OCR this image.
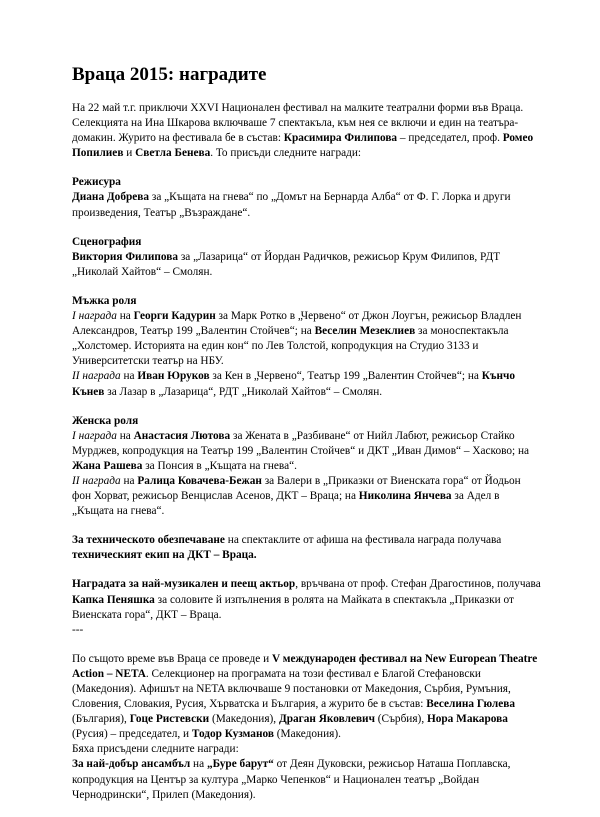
Враца 2015: наградите

На 22 май т.г. приключи XXVI Национален фестивал на малките театрални форми във Враца. Селекцията на Ина Шкарова включваше 7 спектакъла, към нея се включи и един на театъра-домакин. Журито на фестивала бе в състав: Красимира Филипова – председател, проф. Ромео Попилиев и Светла Бенева. То присъди следните награди:

Режисура
Диана Добрева за „Къщата на гнева“ по „Домът на Бернарда Алба“ от Ф. Г. Лорка и други произведения, Театър „Възраждане“.

Сценография
Виктория Филипова за „Лазарица“ от Йордан Радичков, режисьор Крум Филипов, РДТ „Николай Хайтов“ – Смолян.

Мъжка роля
I награда на Георги Кадурин за Марк Ротко в „Червено“ от Джон Лоугън, режисьор Владлен Александров, Театър 199 „Валентин Стойчев“; на Веселин Мезеклиев за моноспектакъла „Холстомер. Историята на един кон“ по Лев Толстой, копродукция на Студио 3133 и Университетски театър на НБУ.
II награда на Иван Юруков за Кен в „Червено“, Театър 199 „Валентин Стойчев“; на Кънчо Кънев за Лазар в „Лазарица“, РДТ „Николай Хайтов“ – Смолян.

Женска роля
I награда на Анастасия Лютова за Жената в „Разбиване“ от Нийл Лабют, режисьор Стайко Мурджев, копродукция на Театър 199 „Валентин Стойчев“ и ДКТ „Иван Димов“ – Хасково; на Жана Рашева за Понсия в „Къщата на гнева“.
II награда на Ралица Ковачева-Бежан за Валери в „Приказки от Виенската гора“ от Йодьон фон Хорват, режисьор Венцислав Асенов, ДКТ – Враца; на Николина Янчева за Адел в „Къщата на гнева“.

За техническото обезпечаване на спектаклите от афиша на фестивала награда получава техническият екип на ДКТ – Враца.

Наградата за най-музикален и пеещ актьор, връчвана от проф. Стефан Драгостинов, получава Капка Пеняшка за соловите й изпълнения в ролята на Майката в спектакъла „Приказки от Виенската гора“, ДКТ – Враца.
---

По същото време във Враца се проведе и V международен фестивал на New European Theatre Action – NETA. Селекционер на програмата на този фестивал е Благой Стефановски (Македония). Афишът на NETA включваше 9 постановки от Македония, Сърбия, Румъния, Словения, Словакия, Русия, Хърватска и България, а журито бе в състав: Веселина Гюлева (България), Гоце Ристевски (Македония), Драган Яковлевич (Сърбия), Нора Макарова (Русия) – председател, и Тодор Кузманов (Македония).
Бяха присъдени следните награди:
За най-добър ансамбъл на „Буре барут“ от Деян Дуковски, режисьор Наташа Поплавска, копродукция на Център за култура „Марко Чепенков“ и Национален театър „Войдан Чернодрински“, Прилеп (Македония).
